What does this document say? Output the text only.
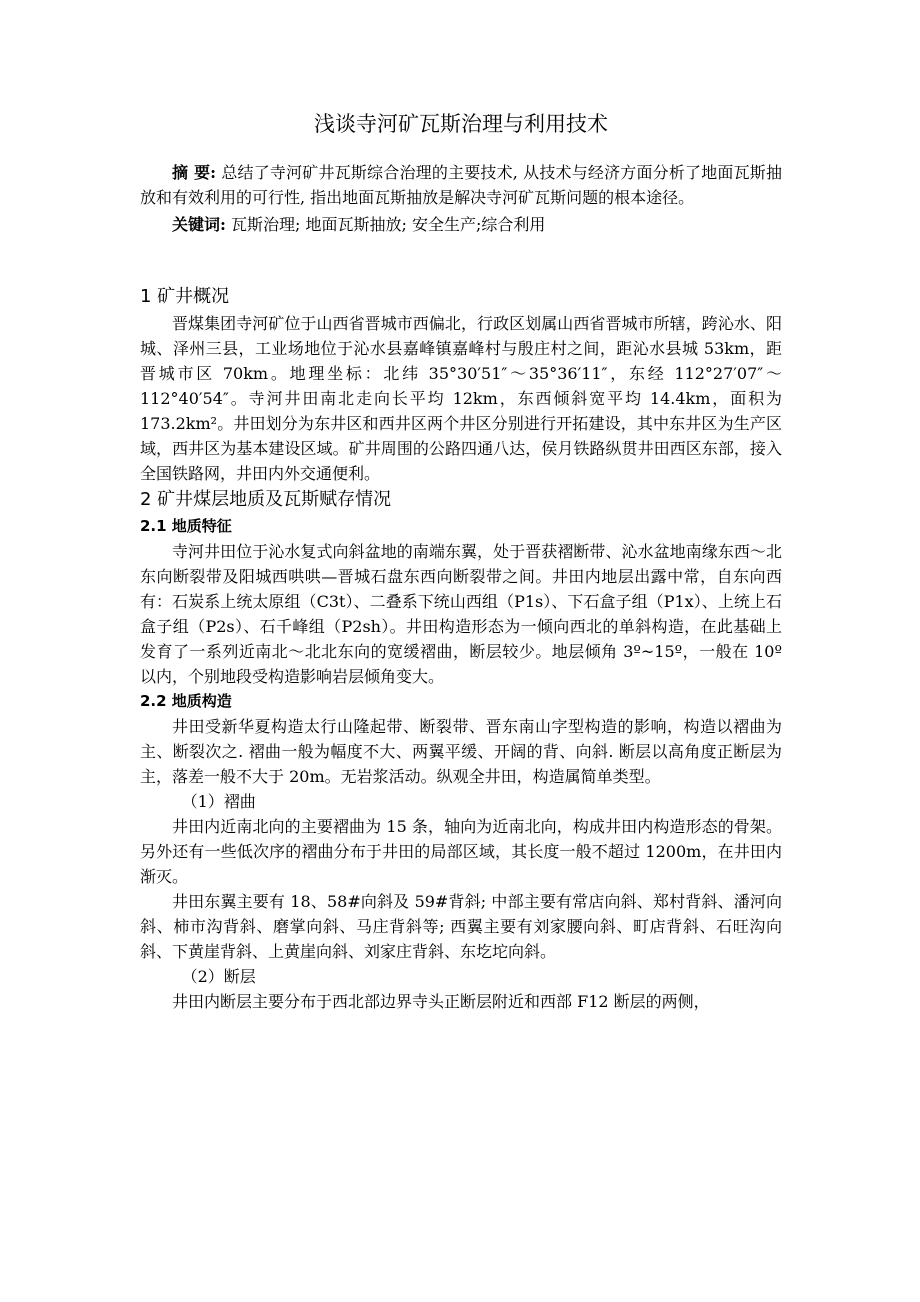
浅谈寺河矿瓦斯治理与利用技术

摘 要: 总结了寺河矿井瓦斯综合治理的主要技术, 从技术与经济方面分析了地面瓦斯抽放和有效利用的可行性, 指出地面瓦斯抽放是解决寺河矿瓦斯问题的根本途径。

关键词: 瓦斯治理; 地面瓦斯抽放; 安全生产;综合利用

1 矿井概况

晋煤集团寺河矿位于山西省晋城市西偏北，行政区划属山西省晋城市所辖，跨沁水、阳城、泽州三县，工业场地位于沁水县嘉峰镇嘉峰村与殷庄村之间，距沁水县城 53km，距晋城市区 70km。地理坐标：北纬 35°30′51″～35°36′11″，东经 112°27′07″～112°40′54″。寺河井田南北走向长平均 12km，东西倾斜宽平均 14.4km，面积为 173.2km²。井田划分为东井区和西井区两个井区分别进行开拓建设，其中东井区为生产区域，西井区为基本建设区域。矿井周围的公路四通八达，侯月铁路纵贯井田西区东部，接入全国铁路网，井田内外交通便利。

2 矿井煤层地质及瓦斯赋存情况
2.1 地质特征

寺河井田位于沁水复式向斜盆地的南端东翼，处于晋获褶断带、沁水盆地南缘东西～北东向断裂带及阳城西哄哄—晋城石盘东西向断裂带之间。井田内地层出露中常，自东向西有：石炭系上统太原组（C3t）、二叠系下统山西组（P1s）、下石盒子组（P1x）、上统上石盒子组（P2s）、石千峰组（P2sh）。井田构造形态为一倾向西北的单斜构造，在此基础上发育了一系列近南北～北北东向的宽缓褶曲，断层较少。地层倾角 3º~15º，一般在 10º 以内，个别地段受构造影响岩层倾角变大。

2.2 地质构造

井田受新华夏构造太行山隆起带、断裂带、晋东南山字型构造的影响，构造以褶曲为主、断裂次之. 褶曲一般为幅度不大、两翼平缓、开阔的背、向斜. 断层以高角度正断层为主，落差一般不大于 20m。无岩浆活动。纵观全井田，构造属简单类型。

（1）褶曲

井田内近南北向的主要褶曲为 15 条，轴向为近南北向，构成井田内构造形态的骨架。另外还有一些低次序的褶曲分布于井田的局部区域，其长度一般不超过 1200m，在井田内渐灭。

井田东翼主要有 18、58#向斜及 59#背斜; 中部主要有常店向斜、郑村背斜、潘河向斜、柿市沟背斜、磨掌向斜、马庄背斜等; 西翼主要有刘家腰向斜、町店背斜、石旺沟向斜、下黄崖背斜、上黄崖向斜、刘家庄背斜、东圪坨向斜。

（2）断层

井田内断层主要分布于西北部边界寺头正断层附近和西部 F12 断层的两侧，
